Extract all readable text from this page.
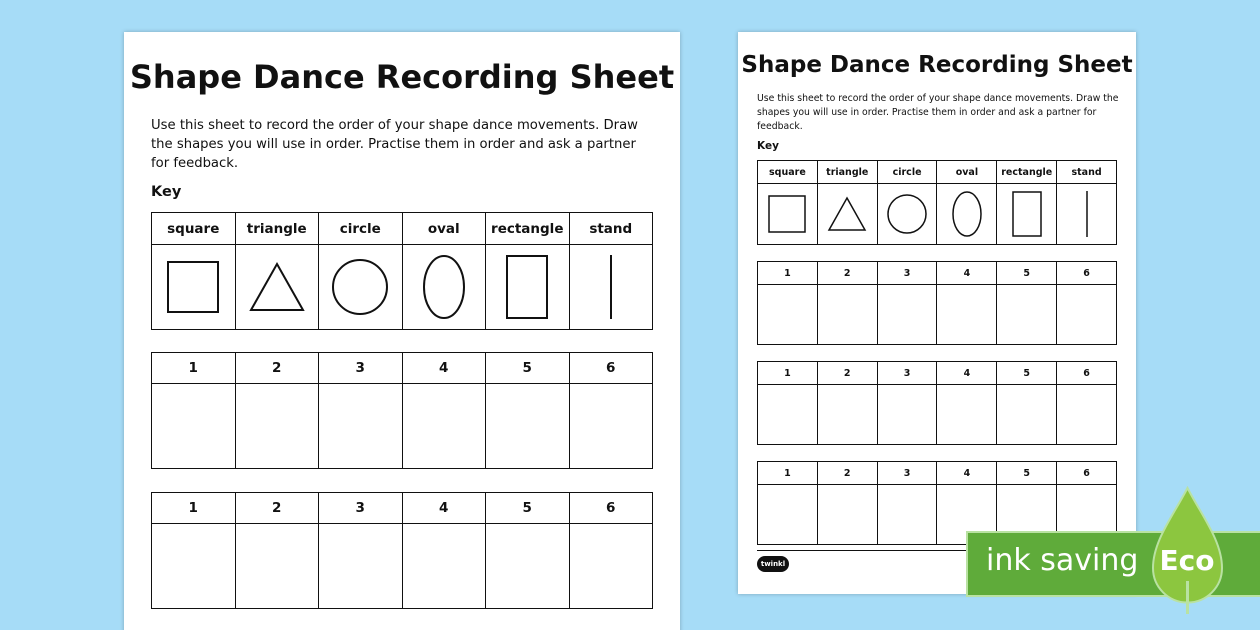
Shape Dance Recording Sheet
Use this sheet to record the order of your shape dance movements. Draw the shapes you will use in order. Practise them in order and ask a partner for feedback.
Key
square	triangle	circle	oval	rectangle	stand

1	2	3	4	5	6

1	2	3	4	5	6

Shape Dance Recording Sheet
Use this sheet to record the order of your shape dance movements. Draw the shapes you will use in order. Practise them in order and ask a partner for feedback.
Key
square	triangle	circle	oval	rectangle	stand

1	2	3	4	5	6

1	2	3	4	5	6

1	2	3	4	5	6

twinkl	ink saving Eco
